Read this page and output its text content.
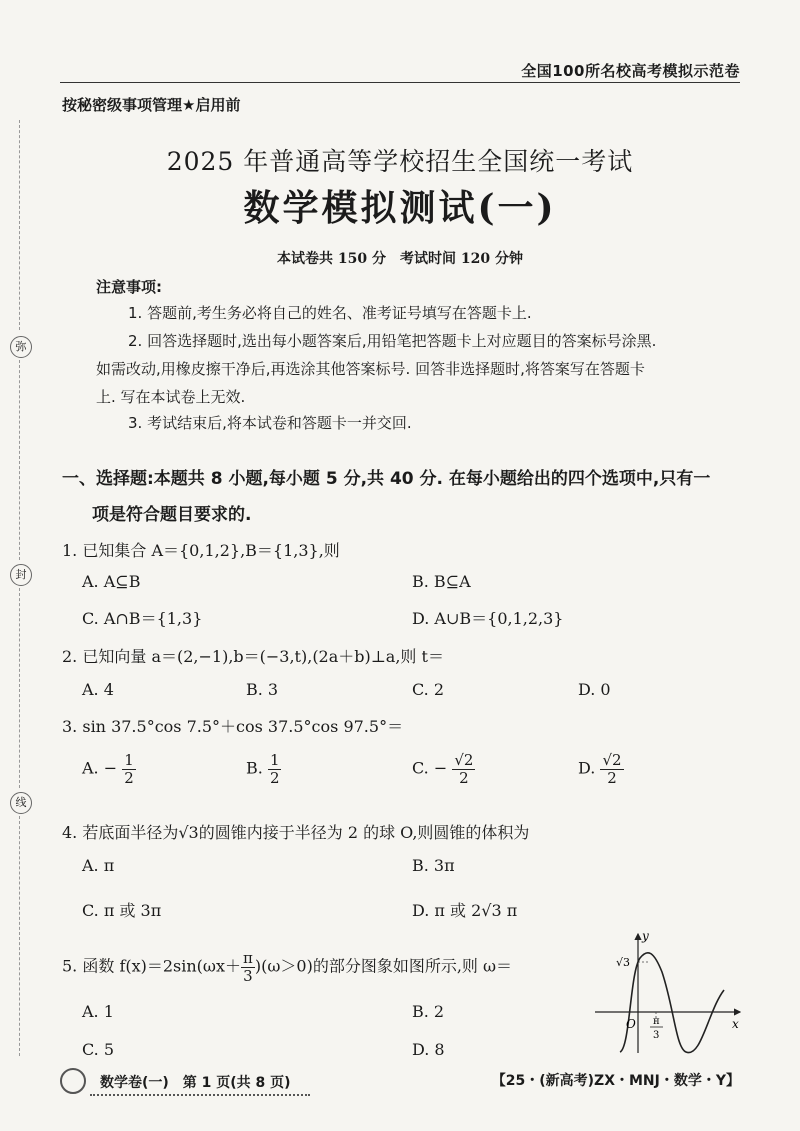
全国100所名校高考模拟示范卷
按秘密级事项管理★启用前
2025 年普通高等学校招生全国统一考试
数学模拟测试(一)
本试卷共 150 分　考试时间 120 分钟
注意事项:
1. 答题前,考生务必将自己的姓名、准考证号填写在答题卡上.
2. 回答选择题时,选出每小题答案后,用铅笔把答题卡上对应题目的答案标号涂黑.
如需改动,用橡皮擦干净后,再选涂其他答案标号. 回答非选择题时,将答案写在答题卡
上. 写在本试卷上无效.
3. 考试结束后,将本试卷和答题卡一并交回.
弥
封
线
一、选择题:本题共 8 小题,每小题 5 分,共 40 分. 在每小题给出的四个选项中,只有一
项是符合题目要求的.
1. 已知集合 A＝{0,1,2},B＝{1,3},则
A. A⊆B	B. B⊆A
C. A∩B＝{1,3}	D. A∪B＝{0,1,2,3}
2. 已知向量 a＝(2,−1),b＝(−3,t),(2a＋b)⊥a,则 t＝
A. 4	B. 3	C. 2	D. 0
3. sin 37.5°cos 7.5°＋cos 37.5°cos 97.5°＝
A. − $\frac{1}{2}$	B. $\frac{1}{2}$	C. − $\frac{√2}{2}$	D. $\frac{√2}{2}$
4. 若底面半径为√3的圆锥内接于半径为 2 的球 O,则圆锥的体积为
A. π	B. 3π
C. π 或 3π	D. π 或 2√3 π
5. 函数 $f(x)=2\sin(\omega x+ \frac{\pi}{3} )(\omega>0)$的部分图象如图所示,则 ω＝
A. 1	B. 2
C. 5	D. 8
y
x
O
√3
π
3
数学卷(一)　第 1 页(共 8 页)	【25・(新高考)ZX・MNJ・数学・Y】
